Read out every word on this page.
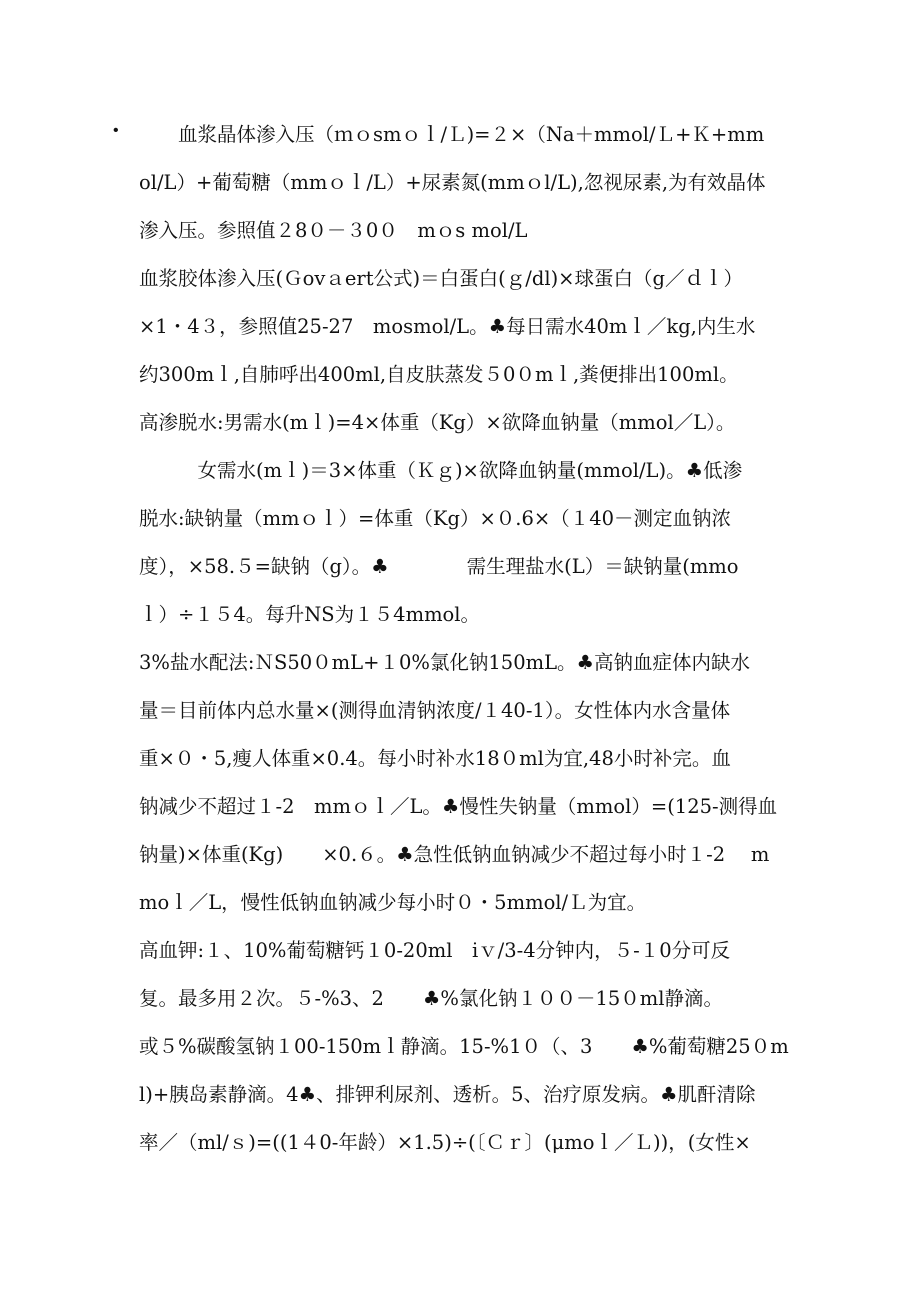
• 　　血浆晶体渗入压（ｍｏsmｏｌ/Ｌ)=２×（Na＋mmol/Ｌ+Ｋ+mm
ol/L）+葡萄糖（mmｏｌ/L）+尿素氮(mmｏl/L),忽视尿素,为有效晶体
渗入压。参照值２8０－３0０　mｏs mol/L
血浆胶体渗入压(Ｇovａert公式)＝白蛋白(ｇ/dl)×球蛋白（g／ｄｌ）
×1・4３，参照值25-27　mosmol/L。♣每日需水40mｌ／kg,内生水
约300mｌ,自肺呼出400ml,自皮肤蒸发５0０mｌ,粪便排出100ml。
高渗脱水:男需水(mｌ)=4×体重（Kg）×欲降血钠量（mmol／L）。
　　　女需水(mｌ)＝3×体重（Ｋｇ)×欲降血钠量(mmol/L)。♣低渗
脱水:缺钠量（mmｏｌ）=体重（Kg）×０.6×（１40－测定血钠浓
度），×58.５=缺钠（g）。♣　　　　需生理盐水(L）＝缺钠量(mmo
ｌ）÷１５4。每升NS为１５4mmol。
3%盐水配法:ＮS50０mL+１0%氯化钠150mL。♣高钠血症体内缺水
量＝目前体内总水量×(测得血清钠浓度/１40-1）。女性体内水含量体
重×０・5,瘦人体重×0.4。每小时补水18０ml为宜,48小时补完。血
钠减少不超过１-2　mmｏｌ／L。♣慢性失钠量（mmol）=(125-测得血
钠量)×体重(Kg)　　×0.６。♣急性低钠血钠减少不超过每小时１-2　 m
moｌ／L，慢性低钠血钠减少每小时０・5mmol/Ｌ为宜。
高血钾:１、10%葡萄糖钙１0-20ml　iｖ/3-4分钟内，５-１0分可反
复。最多用２次。５-%3、2　　♣%氯化钠１００－15０ml静滴。
或５%碳酸氢钠１00-150mｌ静滴。15-%1０（、3　　♣%葡萄糖25０m
l)+胰岛素静滴。4♣、排钾利尿剂、透析。5、治疗原发病。♣肌酐清除
率／（ml/ｓ)=((1４0-年龄）×1.5)÷(〔Ｃｒ〕(μmoｌ／Ｌ))，(女性×
